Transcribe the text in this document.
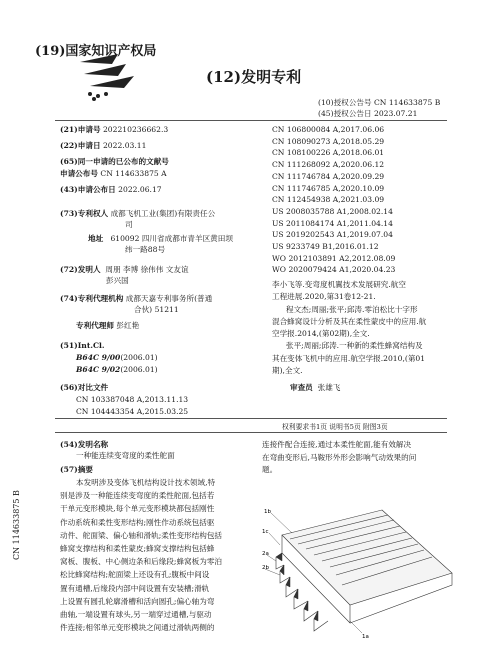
(19)国家知识产权局
(12)发明专利
(10)授权公告号 CN 114633875 B
(45)授权公告日 2023.07.21
(21)申请号 202210236662.3
(22)申请日 2022.03.11
(65)同一申请的已公布的文献号
申请公布号 CN 114633875 A
(43)申请公布日 2022.06.17
(73)专利权人 成都飞机工业(集团)有限责任公
司
地址 610092 四川省成都市青羊区黄田坝
纬一路88号
(72)发明人 周朋 李博 徐伟伟 文友谊
彭兴国
(74)专利代理机构 成都天嘉专利事务所(普通
合伙) 51211
专利代理师 彭红艳
(51)Int.Cl.
B64C 9/00(2006.01)
B64C 9/02(2006.01)
(56)对比文件
CN 103387048 A,2013.11.13
CN 104443354 A,2015.03.25
CN 106800084 A,2017.06.06
CN 108090273 A,2018.05.29
CN 108100226 A,2018.06.01
CN 111268092 A,2020.06.12
CN 111746784 A,2020.09.29
CN 111746785 A,2020.10.09
CN 112454938 A,2021.03.09
US 2008035788 A1,2008.02.14
US 2011084174 A1,2011.04.14
US 2019202543 A1,2019.07.04
US 9233749 B1,2016.01.12
WO 2012103891 A2,2012.08.09
WO 2020079424 A1,2020.04.23
李小飞等.变弯度机翼技术发展研究.航空
工程进展.2020,第31卷12-21.
程文杰;周丽;张平;邱涛.零泊松比十字形
混合蜂窝设计分析及其在柔性蒙皮中的应用.航
空学报.2014,(第02期),全文.
张平;周丽;邱涛.一种新的柔性蜂窝结构及
其在变体飞机中的应用.航空学报.2010,(第01
期),全文.
审查员 张雄飞
权利要求书1页 说明书5页 附图3页
(54)发明名称
一种能连续变弯度的柔性舵面
(57)摘要
本发明涉及变体飞机结构设计技术领域,特
别是涉及一种能连续变弯度的柔性舵面,包括若
干单元变形模块,每个单元变形模块都包括刚性
作动系统和柔性变形结构;刚性作动系统包括驱
动件、舵面梁、偏心轴和滑轨;柔性变形结构包括
蜂窝支撑结构和柔性蒙皮;蜂窝支撑结构包括蜂
窝板、腹板、中心侧边条和后缘段;蜂窝板为零泊
松比蜂窝结构;舵面梁上还设有孔;腹板中间设
置有通槽,后缘段内部中间设置有安装槽;滑轨
上设置有圆孔轮廓滑槽和活向圆孔;偏心轴为弯
曲轴,一端设置有球头,另一端穿过通槽,与驱动
件连接;相邻单元变形模块之间通过滑轨两侧的
连接件配合连接,通过本柔性舵面,能有效解决
在弯曲变形后,马鞍形外形会影响气动效果的问
题。
CN 114633875 B	1b
1c
2a
2b
1a
